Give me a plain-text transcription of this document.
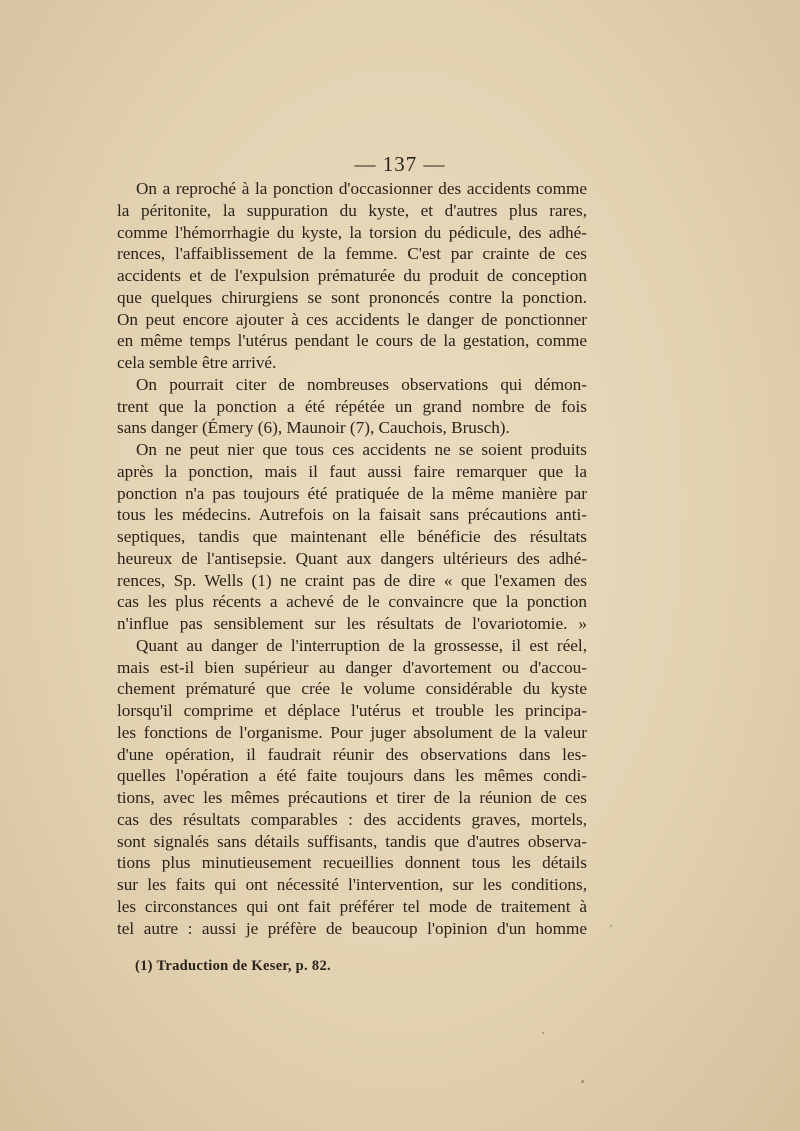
— 137 —
On a reproché à la ponction d'occasionner des accidents comme
la péritonite, la suppuration du kyste, et d'autres plus rares,
comme l'hémorrhagie du kyste, la torsion du pédicule, des adhé-
rences, l'affaiblissement de la femme. C'est par crainte de ces
accidents et de l'expulsion prématurée du produit de conception
que quelques chirurgiens se sont prononcés contre la ponction.
On peut encore ajouter à ces accidents le danger de ponctionner
en même temps l'utérus pendant le cours de la gestation, comme
cela semble être arrivé.
On pourrait citer de nombreuses observations qui démon-
trent que la ponction a été répétée un grand nombre de fois
sans danger (Émery (6), Maunoir (7), Cauchois, Brusch).
On ne peut nier que tous ces accidents ne se soient produits
après la ponction, mais il faut aussi faire remarquer que la
ponction n'a pas toujours été pratiquée de la même manière par
tous les médecins. Autrefois on la faisait sans précautions anti-
septiques, tandis que maintenant elle bénéficie des résultats
heureux de l'antisepsie. Quant aux dangers ultérieurs des adhé-
rences, Sp. Wells (1) ne craint pas de dire « que l'examen des
cas les plus récents a achevé de le convaincre que la ponction
n'influe pas sensiblement sur les résultats de l'ovariotomie. »
Quant au danger de l'interruption de la grossesse, il est réel,
mais est-il bien supérieur au danger d'avortement ou d'accou-
chement prématuré que crée le volume considérable du kyste
lorsqu'il comprime et déplace l'utérus et trouble les principa-
les fonctions de l'organisme. Pour juger absolument de la valeur
d'une opération, il faudrait réunir des observations dans les-
quelles l'opération a été faite toujours dans les mêmes condi-
tions, avec les mêmes précautions et tirer de la réunion de ces
cas des résultats comparables : des accidents graves, mortels,
sont signalés sans détails suffisants, tandis que d'autres observa-
tions plus minutieusement recueillies donnent tous les détails
sur les faits qui ont nécessité l'intervention, sur les conditions,
les circonstances qui ont fait préférer tel mode de traitement à
tel autre : aussi je préfère de beaucoup l'opinion d'un homme
(1) Traduction de Keser, p. 82.
